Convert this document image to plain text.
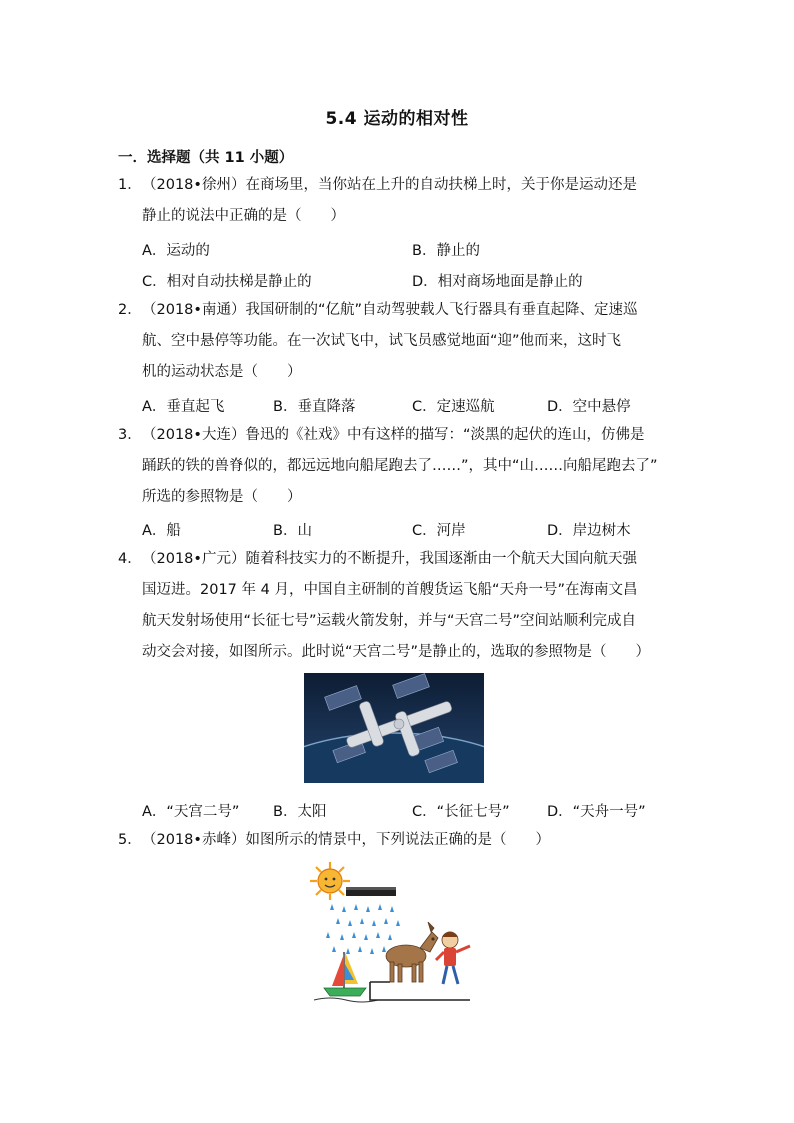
5.4 运动的相对性
一．选择题（共 11 小题）
1． （2018•徐州）在商场里，当你站在上升的自动扶梯上时，关于你是运动还是
静止的说法中正确的是（　　）
A．运动的	B．静止的
C．相对自动扶梯是静止的	D．相对商场地面是静止的
2． （2018•南通）我国研制的“亿航”自动驾驶载人飞行器具有垂直起降、定速巡
航、空中悬停等功能。在一次试飞中，试飞员感觉地面“迎”他而来，这时飞
机的运动状态是（　　）
A．垂直起飞	B．垂直降落	C．定速巡航	D．空中悬停
3． （2018•大连）鲁迅的《社戏》中有这样的描写：“淡黑的起伏的连山，仿佛是
踊跃的铁的兽脊似的，都远远地向船尾跑去了……”，其中“山……向船尾跑去了”
所选的参照物是（　　）
A．船	B．山	C．河岸	D．岸边树木
4． （2018•广元）随着科技实力的不断提升，我国逐渐由一个航天大国向航天强
国迈进。2017 年 4 月，中国自主研制的首艘货运飞船“天舟一号”在海南文昌
航天发射场使用“长征七号”运载火箭发射，并与“天宫二号”空间站顺利完成自
动交会对接，如图所示。此时说“天宫二号”是静止的，选取的参照物是（　　）
A．“天宫二号” B．太阳	C．“长征七号”	D．“天舟一号”
5． （2018•赤峰）如图所示的情景中，下列说法正确的是（　　）
